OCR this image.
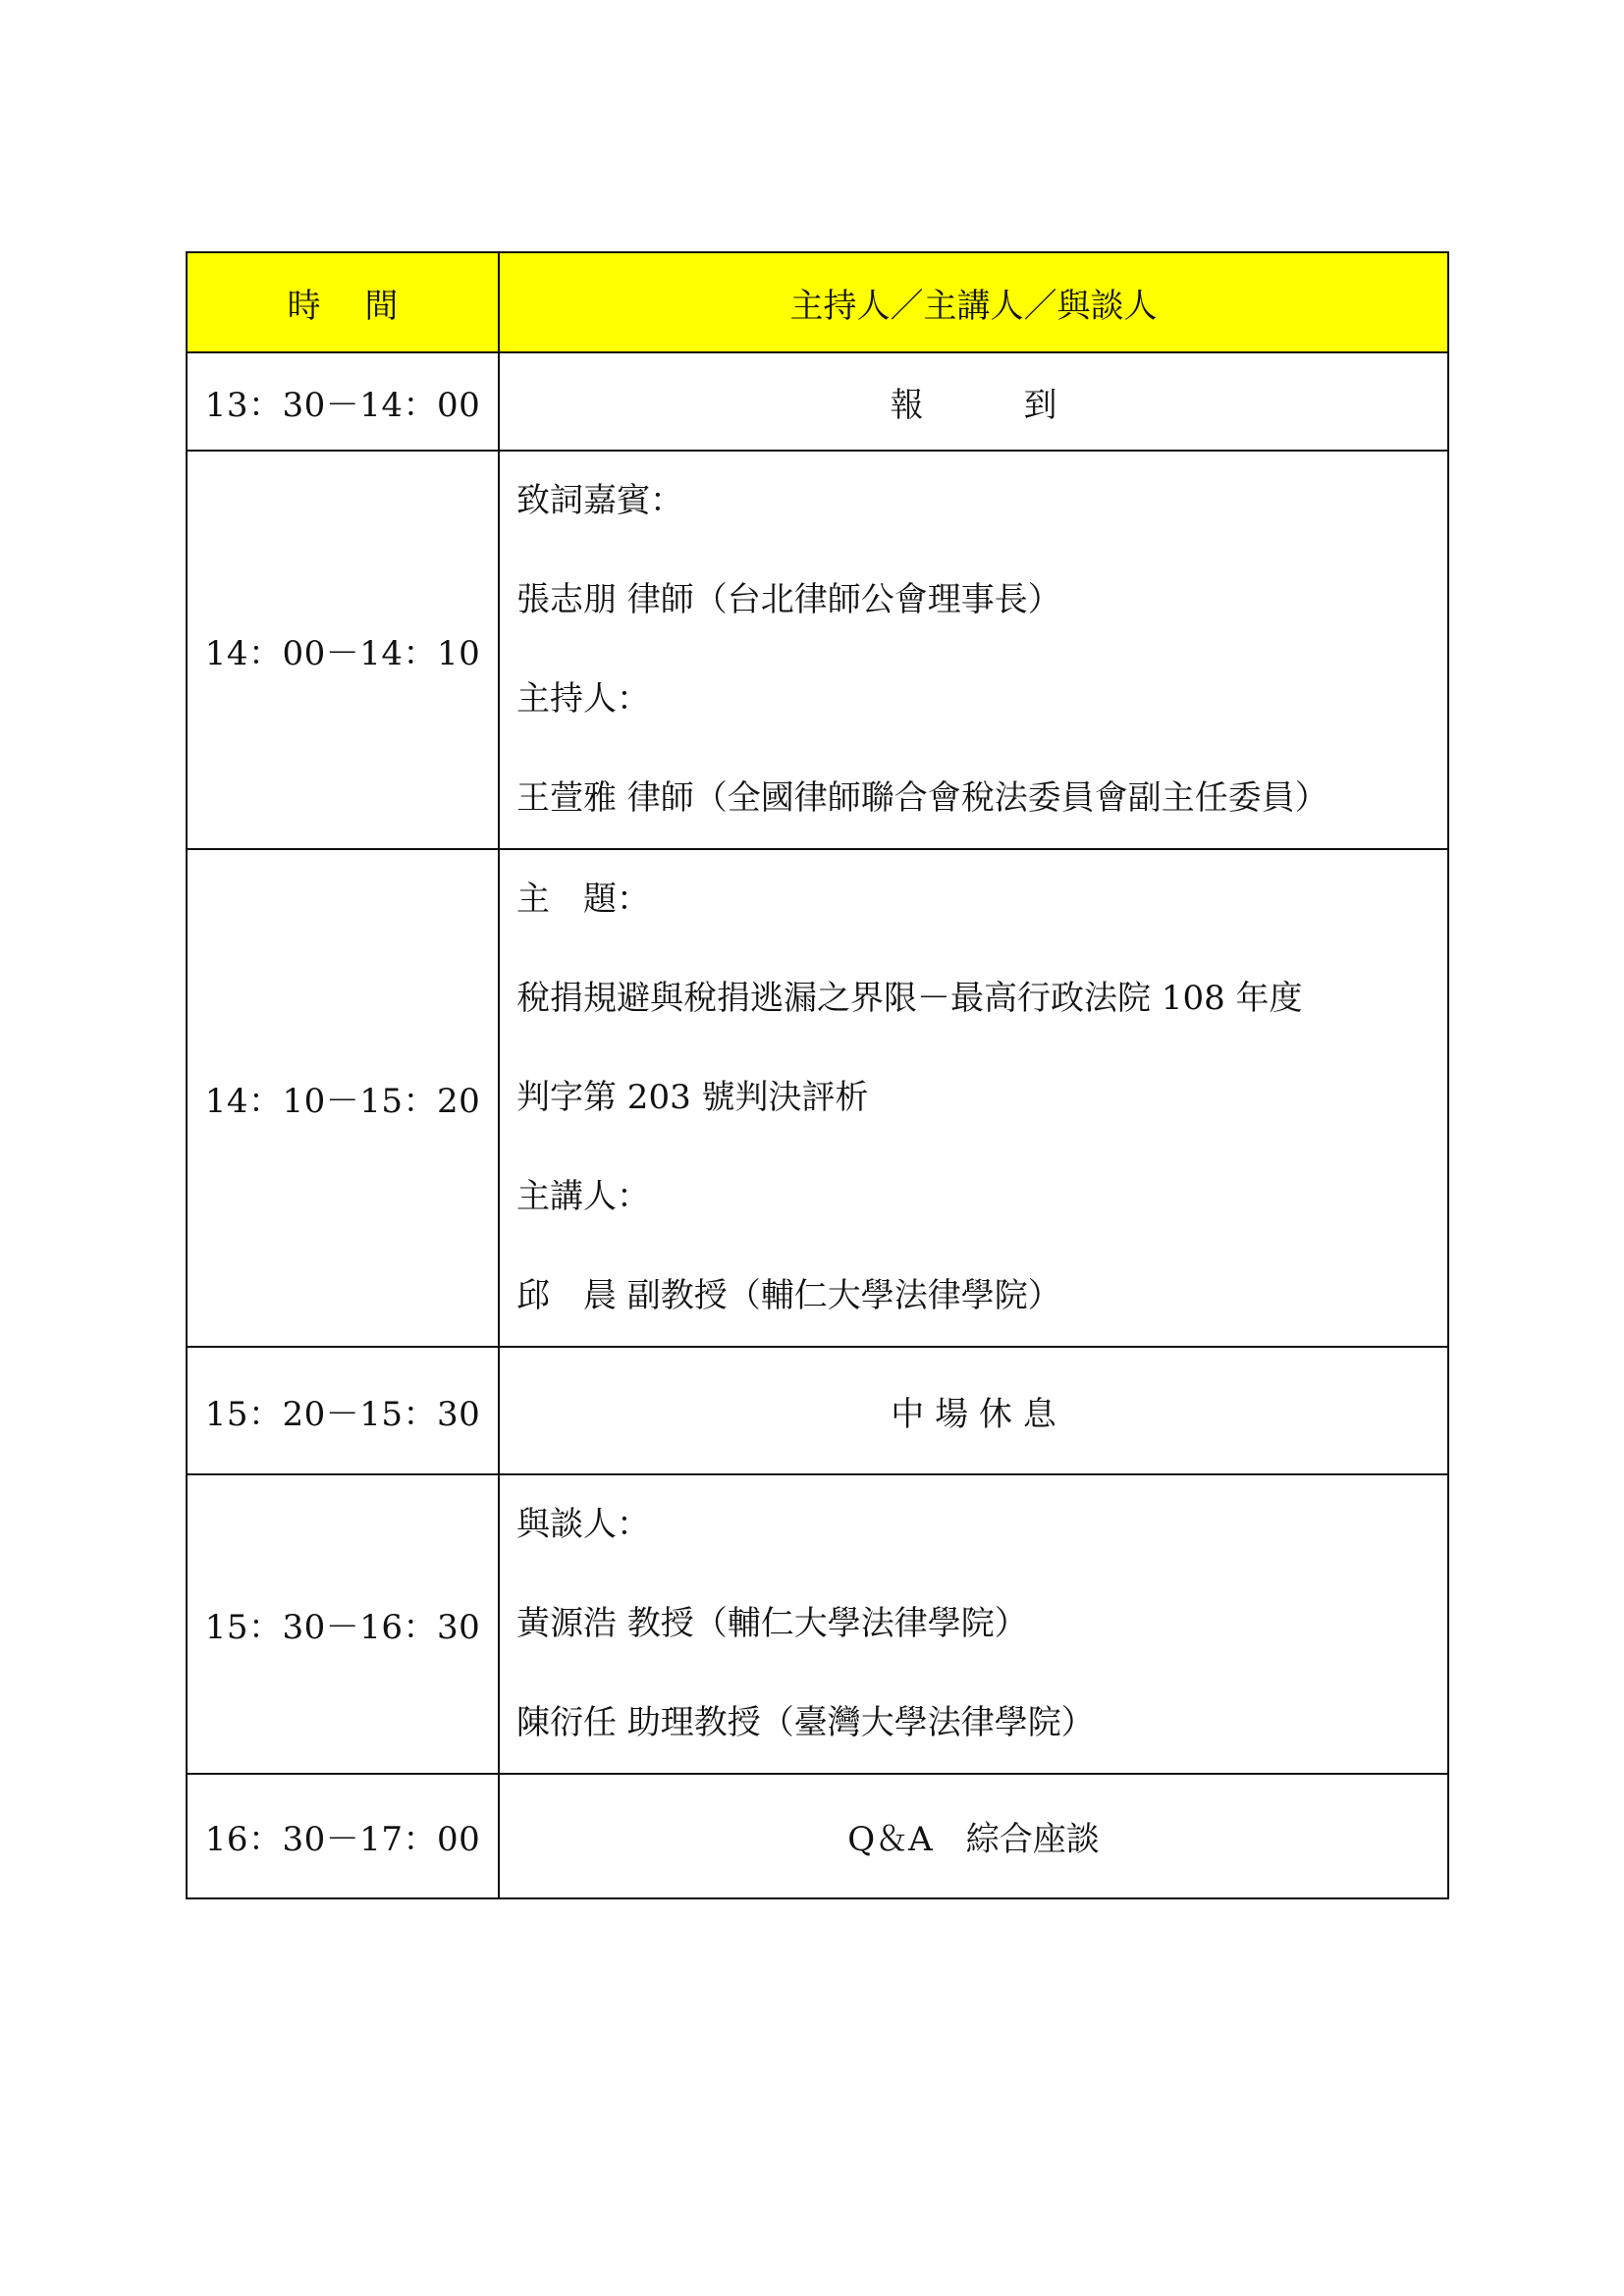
時　 間	主持人／主講人／與談人
13：30－14：00	報　　　到
14：00－14：10	致詞嘉賓：
張志朋 律師（台北律師公會理事長）
主持人：
王萱雅 律師（全國律師聯合會稅法委員會副主任委員）

14：10－15：20	主　題：
稅捐規避與稅捐逃漏之界限－最高行政法院 108 年度
判字第 203 號判決評析
主講人：
邱　晨 副教授（輔仁大學法律學院）

15：20－15：30	中 場 休 息
15：30－16：30	與談人：
黃源浩 教授（輔仁大學法律學院）
陳衍任 助理教授（臺灣大學法律學院）

16：30－17：00	Q＆A　綜合座談
